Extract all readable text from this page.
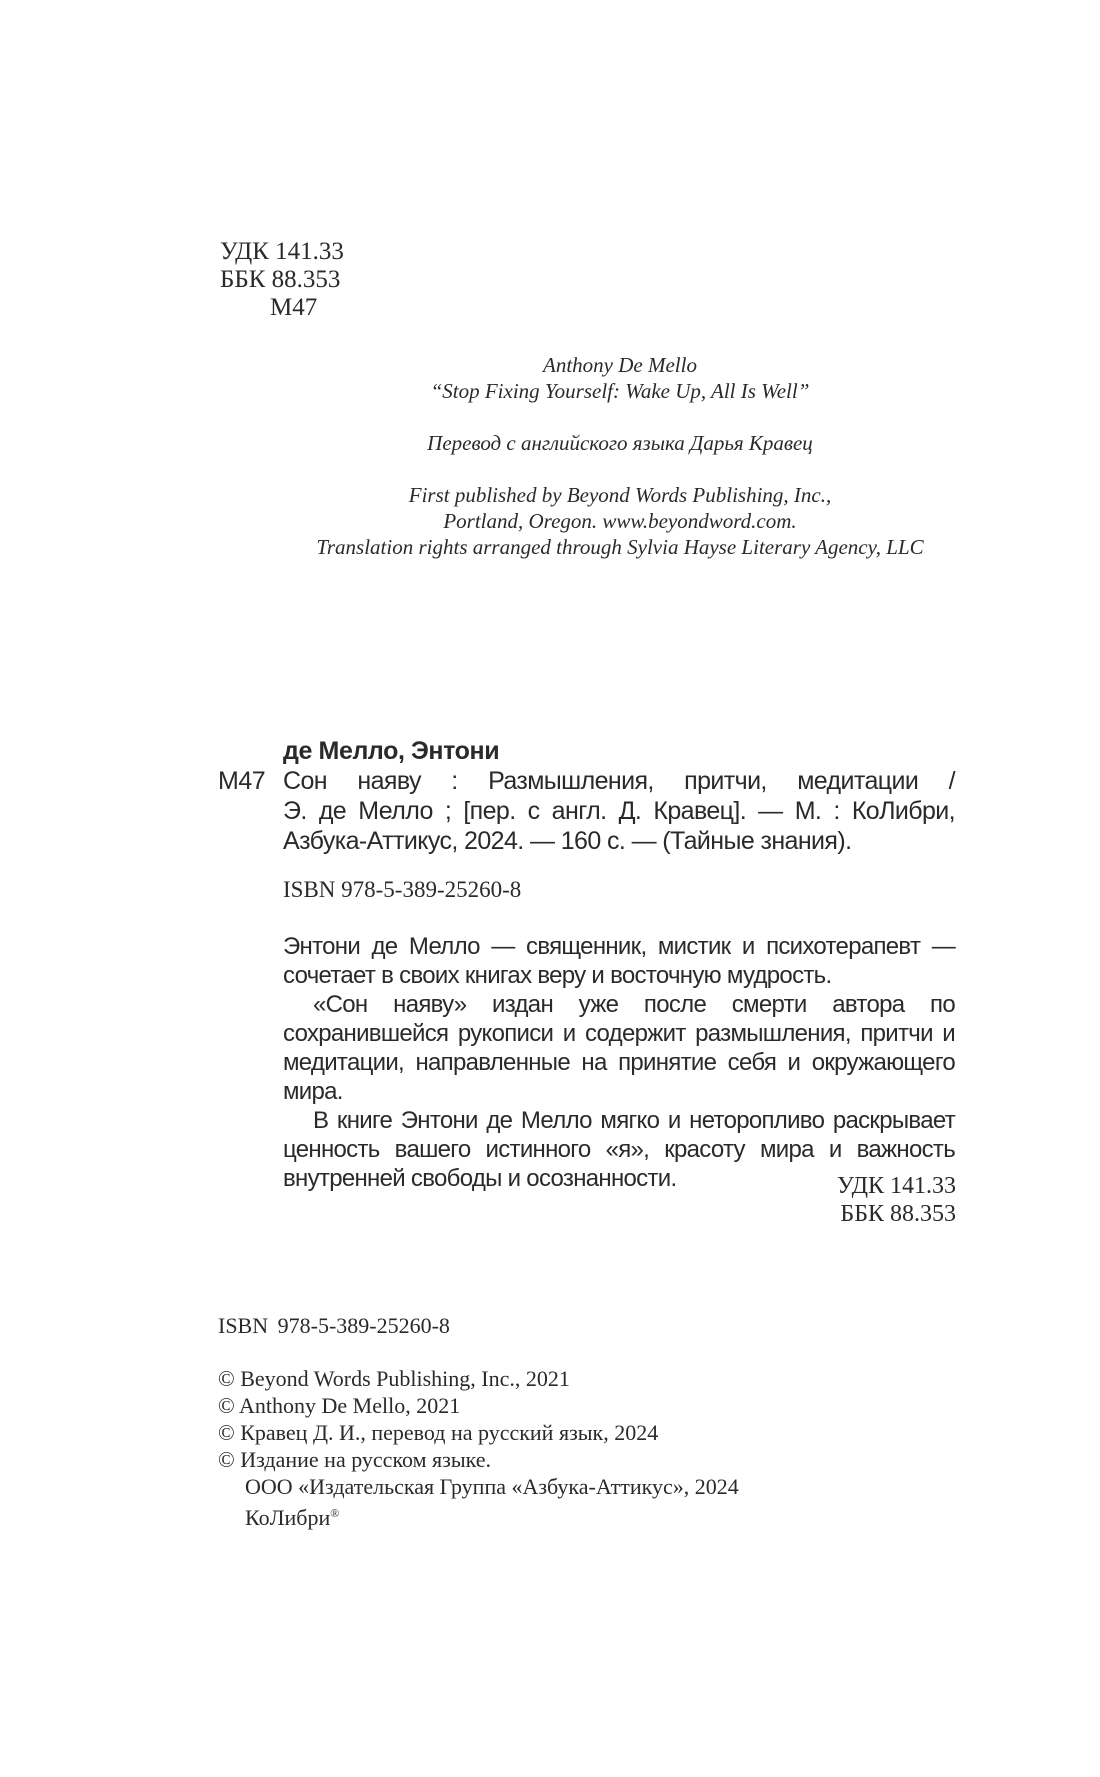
УДК 141.33
ББК 88.353
М47
Anthony De Mello
“Stop Fixing Yourself: Wake Up, All Is Well”
Перевод с английского языка Дарья Кравец
First published by Beyond Words Publishing, Inc.,
Portland, Oregon. www.beyondword.com.
Translation rights arranged through Sylvia Hayse Literary Agency, LLC
де Мелло, Энтони
М47 Сон наяву : Размышления, притчи, медитации /
Э. де Мелло ; [пер. с англ. Д. Кравец]. — М. : КоЛибри,
Азбука-Аттикус, 2024. — 160 с. — (Тайные знания).
ISBN 978-5-389-25260-8

Энтони де Мелло — священник, мистик и психотерапевт — сочетает в своих книгах веру и восточную мудрость.

«Сон наяву» издан уже после смерти автора по сохранившейся рукописи и содержит размышления, притчи и медитации, направленные на принятие себя и окружающего мира.

В книге Энтони де Мелло мягко и неторопливо раскрывает ценность вашего истинного «я», красоту мира и важность внутренней свободы и осознанности.	УДК 141.33
ББК 88.353
ISBN 978-5-389-25260-8
© Beyond Words Publishing, Inc., 2021
© Anthony De Mello, 2021
© Кравец Д. И., перевод на русский язык, 2024
© Издание на русском языке.
ООО «Издательская Группа «Азбука-Аттикус», 2024
КоЛибри®
